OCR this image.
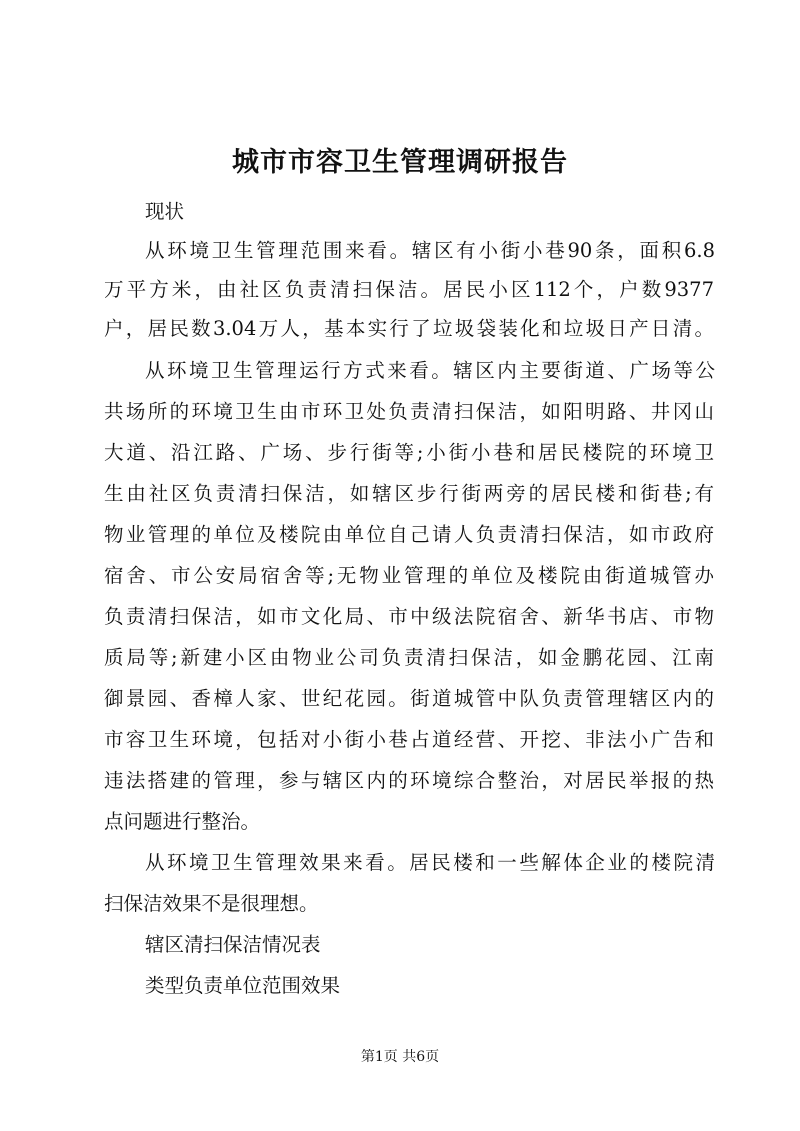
城市市容卫生管理调研报告

现状

从环境卫生管理范围来看。辖区有小街小巷90条，面积6.8

万平方米，由社区负责清扫保洁。居民小区112个，户数9377

户，居民数3.04万人，基本实行了垃圾袋装化和垃圾日产日清。

从环境卫生管理运行方式来看。辖区内主要街道、广场等公

共场所的环境卫生由市环卫处负责清扫保洁，如阳明路、井冈山

大道、沿江路、广场、步行街等;小街小巷和居民楼院的环境卫

生由社区负责清扫保洁，如辖区步行街两旁的居民楼和街巷;有

物业管理的单位及楼院由单位自己请人负责清扫保洁，如市政府

宿舍、市公安局宿舍等;无物业管理的单位及楼院由街道城管办

负责清扫保洁，如市文化局、市中级法院宿舍、新华书店、市物

质局等;新建小区由物业公司负责清扫保洁，如金鹏花园、江南

御景园、香樟人家、世纪花园。街道城管中队负责管理辖区内的

市容卫生环境，包括对小街小巷占道经营、开挖、非法小广告和

违法搭建的管理，参与辖区内的环境综合整治，对居民举报的热

点问题进行整治。

从环境卫生管理效果来看。居民楼和一些解体企业的楼院清

扫保洁效果不是很理想。

辖区清扫保洁情况表

类型负责单位范围效果

第1页 共6页
